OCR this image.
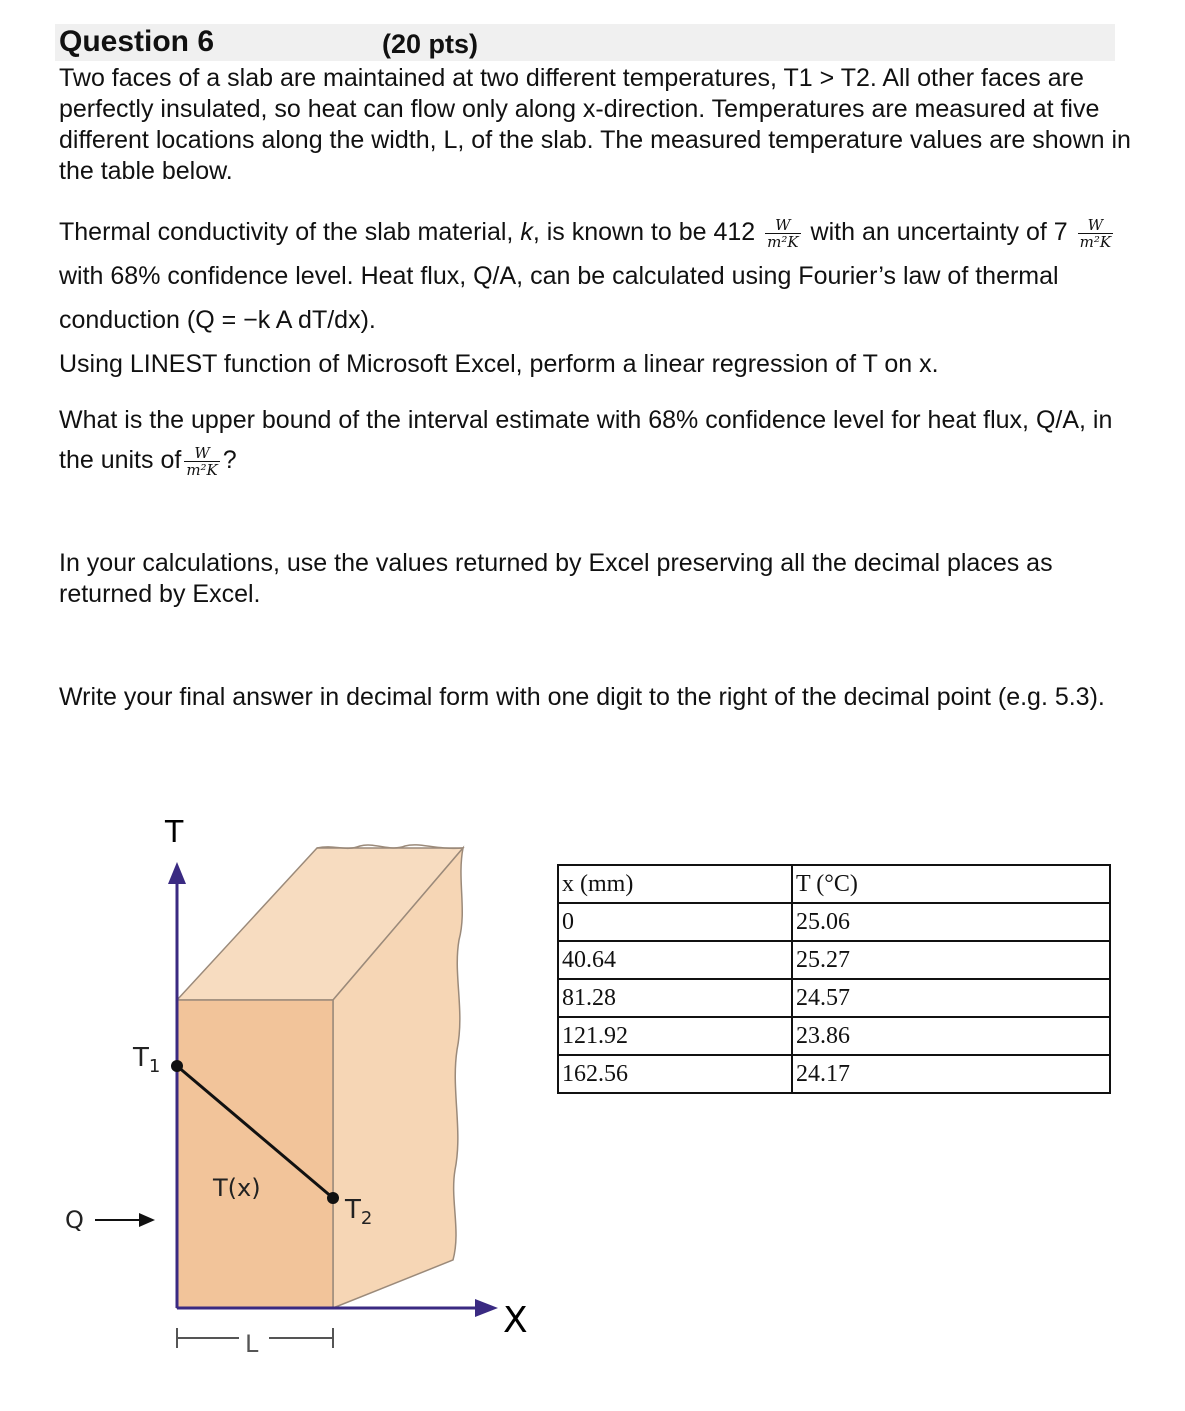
Question 6	(20 pts)
Two faces of a slab are maintained at two different temperatures, T1 > T2. All other faces are perfectly insulated, so heat can flow only along x-direction. Temperatures are measured at five different locations along the width, L, of the slab. The measured temperature values are shown in the table below.
Thermal conductivity of the slab material, k, is known to be $412 \frac{W}{\text{m²K}}$ with an uncertainty of $7 \frac{W}{\text{m²K}}$
with 68% confidence level. Heat flux, Q/A, can be calculated using Fourier’s law of thermal conduction (Q = −k A dT/dx).
Using LINEST function of Microsoft Excel, perform a linear regression of T on x.
What is the upper bound of the interval estimate with 68% confidence level for heat flux, Q/A, in the units of $\frac{W}{\text{m²K}}$ ?
In your calculations, use the values returned by Excel preserving all the decimal places as returned by Excel.
Write your final answer in decimal form with one digit to the right of the decimal point (e.g. 5.3).
T
X
$T_1$
$T_2$
T(x)
Q
L
x (mm)	T (°C)
0	25.06
40.64	25.27
81.28	24.57
121.92	23.86
162.56	24.17
